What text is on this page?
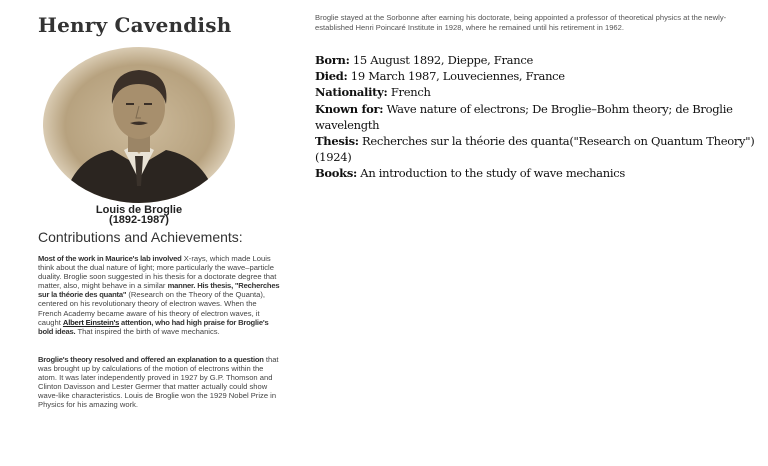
Henry Cavendish
Louis de Broglie
(1892-1987)
Contributions and Achievements:

Most of the work in Maurice's lab involved X-rays, which made Louis think about the dual nature of light; more particularly the wave–particle duality. Broglie soon suggested in his thesis for a doctorate degree that matter, also, might behave in a similar manner. His thesis, "Recherches sur la théorie des quanta" (Research on the Theory of the Quanta), centered on his revolutionary theory of electron waves. When the French Academy became aware of his theory of electron waves, it caught Albert Einstein's attention, who had high praise for Broglie's bold ideas. That inspired the birth of wave mechanics.

Broglie's theory resolved and offered an explanation to a question that was brought up by calculations of the motion of electrons within the atom. It was later independently proved in 1927 by G.P. Thomson and Clinton Davisson and Lester Germer that matter actually could show wave-like characteristics. Louis de Broglie won the 1929 Nobel Prize in Physics for his amazing work.

Broglie stayed at the Sorbonne after earning his doctorate, being appointed a professor of theoretical physics at the newly-established Henri Poincaré Institute in 1928, where he remained until his retirement in 1962.

Born: 15 August 1892, Dieppe, France

Died: 19 March 1987, Louveciennes, France

Nationality: French

Known for: Wave nature of electrons; De Broglie–Bohm theory; de Broglie wavelength

Thesis: Recherches sur la théorie des quanta("Research on Quantum Theory") (1924)

Books: An introduction to the study of wave mechanics
